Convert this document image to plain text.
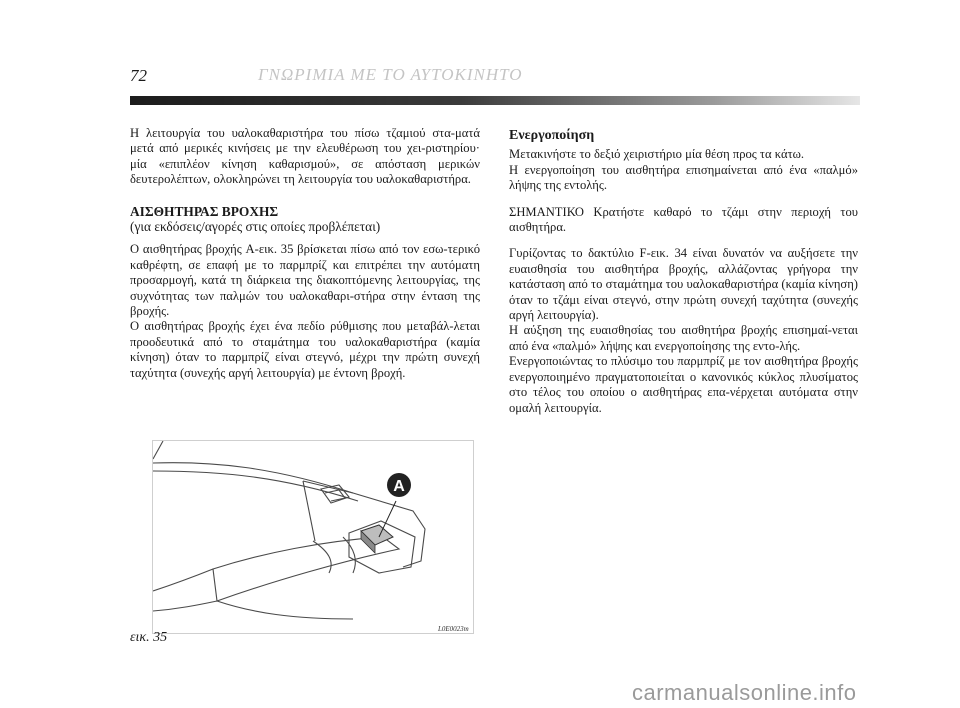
72	ΓΝΩΡΙΜΙΑ ΜΕ ΤΟ ΑΥΤΟΚΙΝΗΤΟ

Η λειτουργία του υαλοκαθαριστήρα του πίσω τζαμιού στα-ματά μετά από μερικές κινήσεις με την ελευθέρωση του χει-ριστηρίου· μία «επιπλέον κίνηση καθαρισμού», σε απόσταση μερικών δευτερολέπτων, ολοκληρώνει τη λειτουργία του υαλοκαθαριστήρα.

ΑΙΣΘΗΤΗΡΑΣ ΒΡΟΧΗΣ

(για εκδόσεις/αγορές στις οποίες προβλέπεται)

Ο αισθητήρας βροχής A-εικ. 35 βρίσκεται πίσω από τον εσω-τερικό καθρέφτη, σε επαφή με το παρμπρίζ και επιτρέπει την αυτόματη προσαρμογή, κατά τη διάρκεια της διακοπτόμενης λειτουργίας, της συχνότητας των παλμών του υαλοκαθαρι-στήρα στην ένταση της βροχής.

Ο αισθητήρας βροχής έχει ένα πεδίο ρύθμισης που μεταβάλ-λεται προοδευτικά από το σταμάτημα του υαλοκαθαριστήρα (καμία κίνηση) όταν το παρμπρίζ είναι στεγνό, μέχρι την πρώτη συνεχή ταχύτητα (συνεχής αργή λειτουργία) με έντονη βροχή.

Ενεργοποίηση

Μετακινήστε το δεξιό χειριστήριο μία θέση προς τα κάτω.

Η ενεργοποίηση του αισθητήρα επισημαίνεται από ένα «παλμό» λήψης της εντολής.

ΣΗΜΑΝΤΙΚΟ Κρατήστε καθαρό το τζάμι στην περιοχή του αισθητήρα.

Γυρίζοντας το δακτύλιο F-εικ. 34 είναι δυνατόν να αυξήσετε την ευαισθησία του αισθητήρα βροχής, αλλάζοντας γρήγορα την κατάσταση από το σταμάτημα του υαλοκαθαριστήρα (καμία κίνηση) όταν το τζάμι είναι στεγνό, στην πρώτη συνεχή ταχύτητα (συνεχής αργή λειτουργία).

Η αύξηση της ευαισθησίας του αισθητήρα βροχής επισημαί-νεται από ένα «παλμό» λήψης και ενεργοποίησης της εντο-λής.

Ενεργοποιώντας το πλύσιμο του παρμπρίζ με τον αισθητήρα βροχής ενεργοποιημένο πραγματοποιείται ο κανονικός κύκλος πλυσίματος στο τέλος του οποίου ο αισθητήρας επα-νέρχεται αυτόματα στην ομαλή λειτουργία.

A
L0E0023m
εικ. 35
carmanualsonline.info
